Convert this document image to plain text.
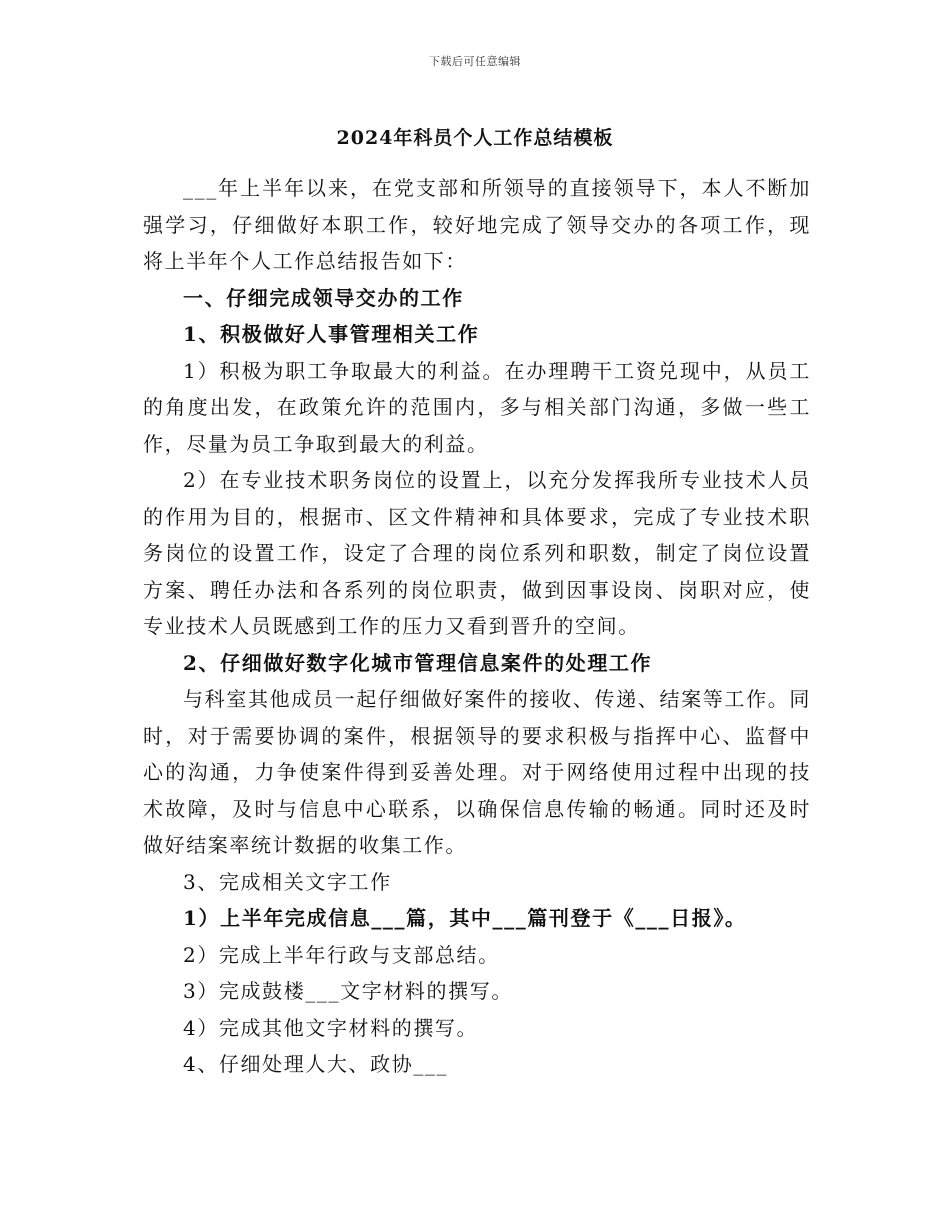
下载后可任意编辑
2024年科员个人工作总结模板

___年上半年以来，在党支部和所领导的直接领导下，本人不断加强学习，仔细做好本职工作，较好地完成了领导交办的各项工作，现将上半年个人工作总结报告如下：

一、仔细完成领导交办的工作

1、积极做好人事管理相关工作

1）积极为职工争取最大的利益。在办理聘干工资兑现中，从员工的角度出发，在政策允许的范围内，多与相关部门沟通，多做一些工作，尽量为员工争取到最大的利益。

2）在专业技术职务岗位的设置上，以充分发挥我所专业技术人员的作用为目的，根据市、区文件精神和具体要求，完成了专业技术职务岗位的设置工作，设定了合理的岗位系列和职数，制定了岗位设置方案、聘任办法和各系列的岗位职责，做到因事设岗、岗职对应，使专业技术人员既感到工作的压力又看到晋升的空间。

2、仔细做好数字化城市管理信息案件的处理工作

与科室其他成员一起仔细做好案件的接收、传递、结案等工作。同时，对于需要协调的案件，根据领导的要求积极与指挥中心、监督中心的沟通，力争使案件得到妥善处理。对于网络使用过程中出现的技术故障，及时与信息中心联系，以确保信息传输的畅通。同时还及时做好结案率统计数据的收集工作。

3、完成相关文字工作

1）上半年完成信息___篇，其中___篇刊登于《___日报》。

2）完成上半年行政与支部总结。

3）完成鼓楼___文字材料的撰写。

4）完成其他文字材料的撰写。

4、仔细处理人大、政协___
